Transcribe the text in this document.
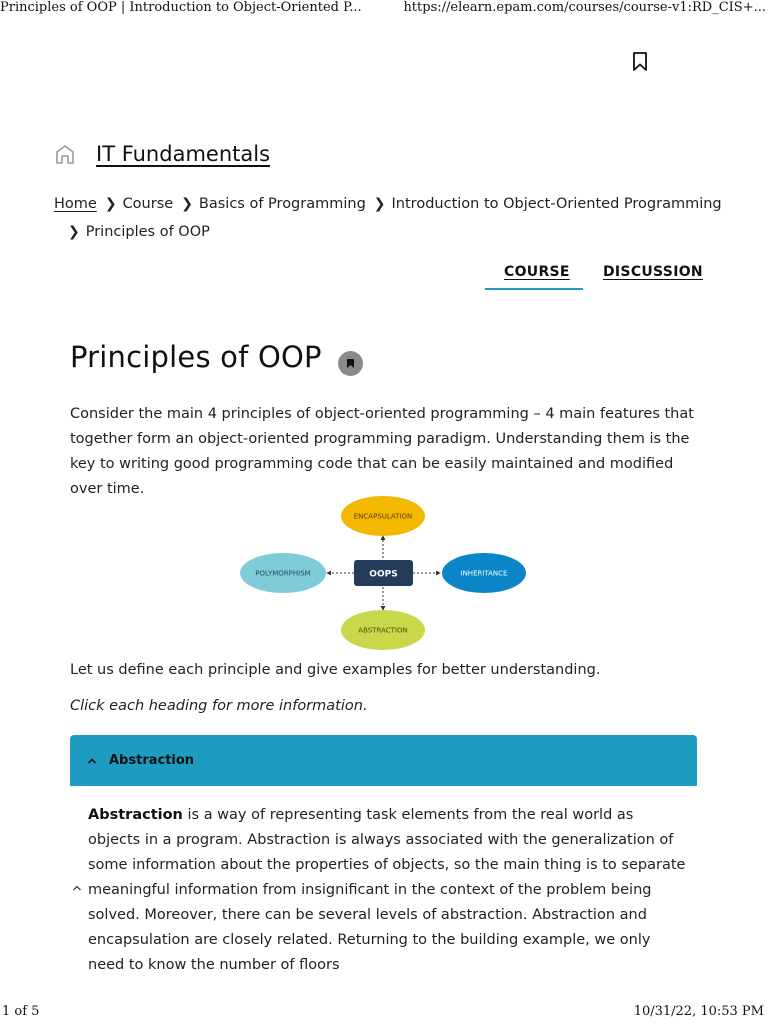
Principles of OOP | Introduction to Object-Oriented P...	https://elearn.epam.com/courses/course-v1:RD_CIS+...
IT Fundamentals
Home ❯ Course ❯ Basics of Programming ❯ Introduction to Object-Oriented Programming
❯ Principles of OOP
COURSE DISCUSSION
Principles of OOP

Consider the main 4 principles of object-oriented programming – 4 main features that together form an object-oriented programming paradigm. Understanding them is the key to writing good programming code that can be easily maintained and modified over time.

ENCAPSULATION
INHERITANCE
ABSTRACTION
POLYMORPHISM	OOPS

Let us define each principle and give examples for better understanding.

Click each heading for more information.

Abstraction

Abstraction is a way of representing task elements from the real world as objects in a program. Abstraction is always associated with the generalization of some information about the properties of objects, so the main thing is to separate meaningful information from insignificant in the context of the problem being solved. Moreover, there can be several levels of abstraction. Abstraction and encapsulation are closely related. Returning to the building example, we only need to know the number of floors

1 of 5	10/31/22, 10:53 PM
